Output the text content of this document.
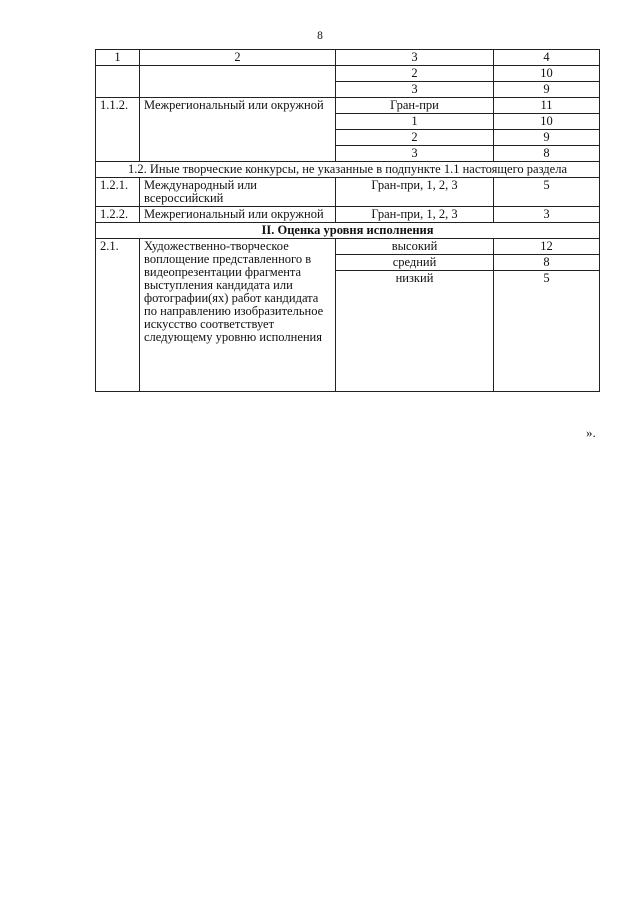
8
1	2	3	4
		2	10
		3	9
1.1.2.	Межрегиональный или окружной	Гран-при	11
		1	10
		2	9
		3	8
1.2. Иные творческие конкурсы, не указанные в подпункте 1.1 настоящего раздела			
1.2.1.	Международный или всероссийский	Гран-при, 1, 2, 3	5
1.2.2.	Межрегиональный или окружной	Гран-при, 1, 2, 3	3
II. Оценка уровня исполнения			
2.1.	Художественно-творческое воплощение представленного в видеопрезентации фрагмента выступления кандидата или фотографии(ях) работ кандидата по направлению изобразительное искусство соответствует следующему уровню исполнения	высокий	12
		средний	8
		низкий	5
».
